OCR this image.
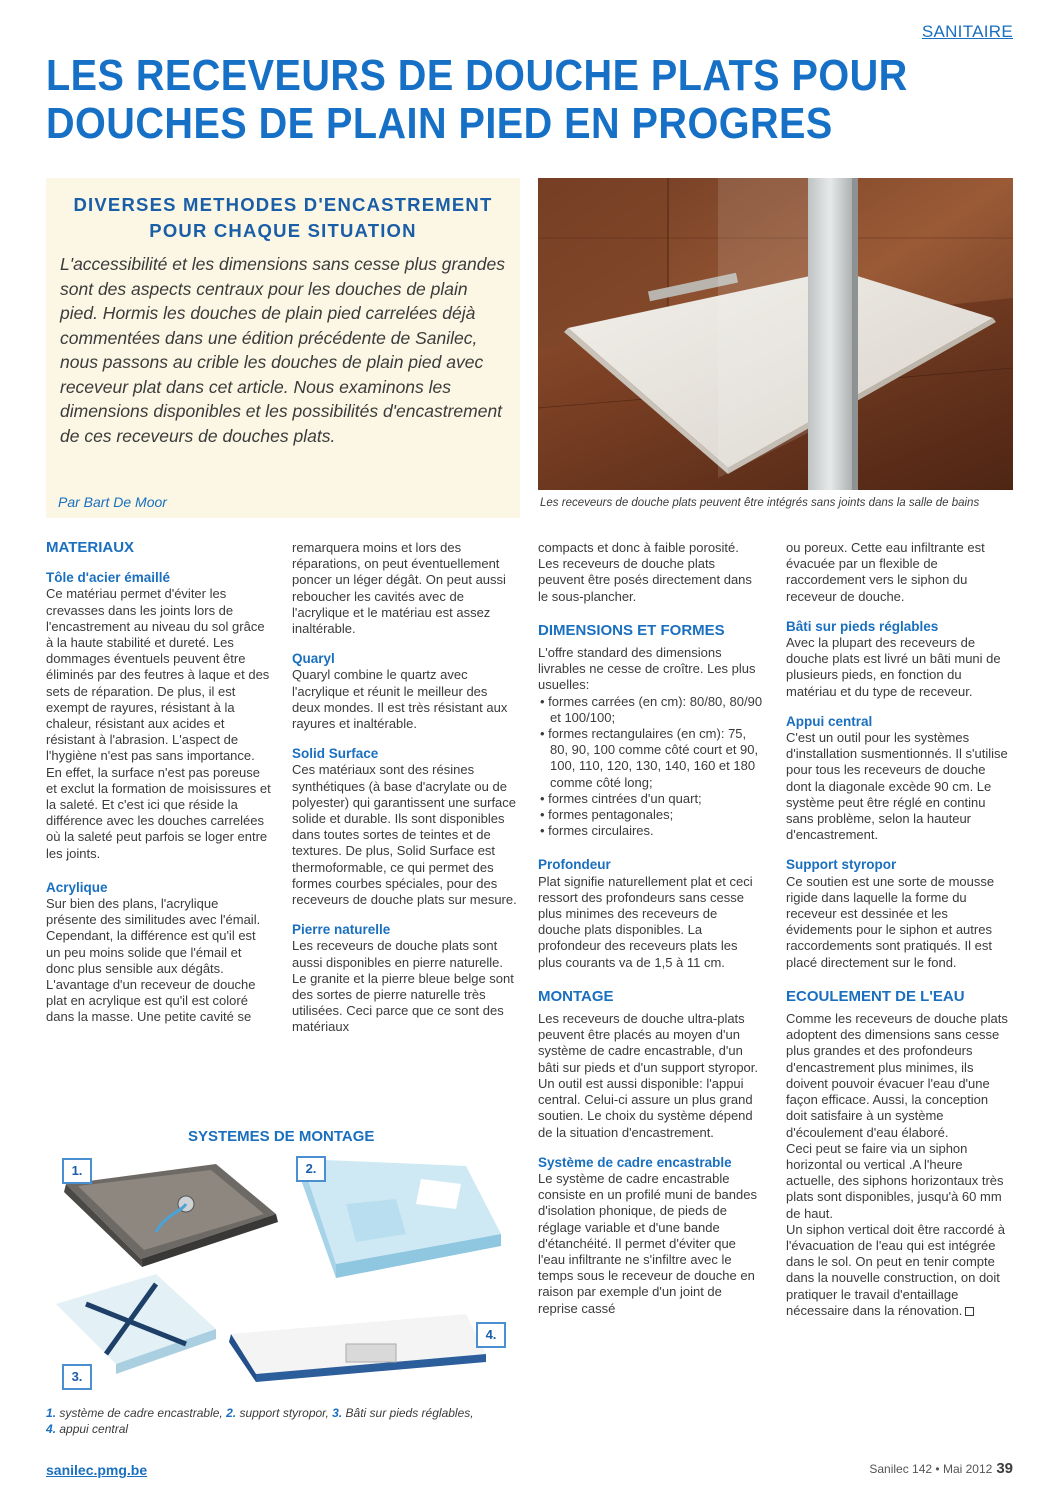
SANITAIRE
LES RECEVEURS DE DOUCHE PLATS POUR
DOUCHES DE PLAIN PIED EN PROGRES
DIVERSES METHODES D'ENCASTREMENT
POUR CHAQUE SITUATION
L'accessibilité et les dimensions sans cesse plus grandes sont des aspects centraux pour les douches de plain pied. Hormis les douches de plain pied carrelées déjà commentées dans une édition précédente de Sanilec, nous passons au crible les douches de plain pied avec receveur plat dans cet article. Nous examinons les dimensions disponibles et les possibilités d'encastrement de ces receveurs de douches plats.
Par Bart De Moor	Les receveurs de douche plats peuvent être intégrés sans joints dans la salle de bains
MATERIAUX
Tôle d'acier émaillé

Ce matériau permet d'éviter les crevasses dans les joints lors de l'encastrement au niveau du sol grâce à la haute stabilité et dureté. Les dommages éventuels peuvent être éliminés par des feutres à laque et des sets de réparation. De plus, il est exempt de rayures, résistant à la chaleur, résistant aux acides et résistant à l'abrasion. L'aspect de l'hygiène n'est pas sans importance. En effet, la surface n'est pas poreuse et exclut la formation de moisissures et la saleté. Et c'est ici que réside la différence avec les douches carrelées où la saleté peut parfois se loger entre les joints.

Acrylique

Sur bien des plans, l'acrylique présente des similitudes avec l'émail. Cependant, la différence est qu'il est un peu moins solide que l'émail et donc plus sensible aux dégâts. L'avantage d'un receveur de douche plat en acrylique est qu'il est coloré dans la masse. Une petite cavité se

remarquera moins et lors des réparations, on peut éventuellement poncer un léger dégât. On peut aussi reboucher les cavités avec de l'acrylique et le matériau est assez inaltérable.

Quaryl

Quaryl combine le quartz avec l'acrylique et réunit le meilleur des deux mondes. Il est très résistant aux rayures et inaltérable.

Solid Surface

Ces matériaux sont des résines synthétiques (à base d'acrylate ou de polyester) qui garantissent une surface solide et durable. Ils sont disponibles dans toutes sortes de teintes et de textures. De plus, Solid Surface est thermoformable, ce qui permet des formes courbes spéciales, pour des receveurs de douche plats sur mesure.

Pierre naturelle

Les receveurs de douche plats sont aussi disponibles en pierre naturelle. Le granite et la pierre bleue belge sont des sortes de pierre naturelle très utilisées. Ceci parce que ce sont des matériaux

compacts et donc à faible porosité. Les receveurs de douche plats peuvent être posés directement dans le sous-plancher.

DIMENSIONS ET FORMES

L'offre standard des dimensions livrables ne cesse de croître. Les plus usuelles:

• formes carrées (en cm): 80/80, 80/90 et 100/100;
• formes rectangulaires (en cm): 75, 80, 90, 100 comme côté court et 90, 100, 110, 120, 130, 140, 160 et 180 comme côté long;
• formes cintrées d'un quart;
• formes pentagonales;
• formes circulaires.
Profondeur

Plat signifie naturellement plat et ceci ressort des profondeurs sans cesse plus minimes des receveurs de douche plats disponibles. La profondeur des receveurs plats les plus courants va de 1,5 à 11 cm.

MONTAGE

Les receveurs de douche ultra-plats peuvent être placés au moyen d'un système de cadre encastrable, d'un bâti sur pieds et d'un support styropor. Un outil est aussi disponible: l'appui central. Celui-ci assure un plus grand soutien. Le choix du système dépend de la situation d'encastrement.

Système de cadre encastrable

Le système de cadre encastrable consiste en un profilé muni de bandes d'isolation phonique, de pieds de réglage variable et d'une bande d'étanchéité. Il permet d'éviter que l'eau infiltrante ne s'infiltre avec le temps sous le receveur de douche en raison par exemple d'un joint de reprise cassé

ou poreux. Cette eau infiltrante est évacuée par un flexible de raccordement vers le siphon du receveur de douche.

Bâti sur pieds réglables

Avec la plupart des receveurs de douche plats est livré un bâti muni de plusieurs pieds, en fonction du matériau et du type de receveur.

Appui central

C'est un outil pour les systèmes d'installation susmentionnés. Il s'utilise pour tous les receveurs de douche dont la diagonale excède 90 cm. Le système peut être réglé en continu sans problème, selon la hauteur d'encastrement.

Support styropor

Ce soutien est une sorte de mousse rigide dans laquelle la forme du receveur est dessinée et les évidements pour le siphon et autres raccordements sont pratiqués. Il est placé directement sur le fond.

ECOULEMENT DE L'EAU

Comme les receveurs de douche plats adoptent des dimensions sans cesse plus grandes et des profondeurs d'encastrement plus minimes, ils doivent pouvoir évacuer l'eau d'une façon efficace. Aussi, la conception doit satisfaire à un système d'écoulement d'eau élaboré.

Ceci peut se faire via un siphon horizontal ou vertical .A l'heure actuelle, des siphons horizontaux très plats sont disponibles, jusqu'à 60 mm de haut.

Un siphon vertical doit être raccordé à l'évacuation de l'eau qui est intégrée dans le sol. On peut en tenir compte dans la nouvelle construction, on doit pratiquer le travail d'entaillage nécessaire dans la rénovation.

SYSTEMES DE MONTAGE
1.	2.
3.
4.
1. système de cadre encastrable, 2. support styropor, 3. Bâti sur pieds réglables,
4. appui central
sanilec.pmg.be	Sanilec 142 • Mai 2012 39
